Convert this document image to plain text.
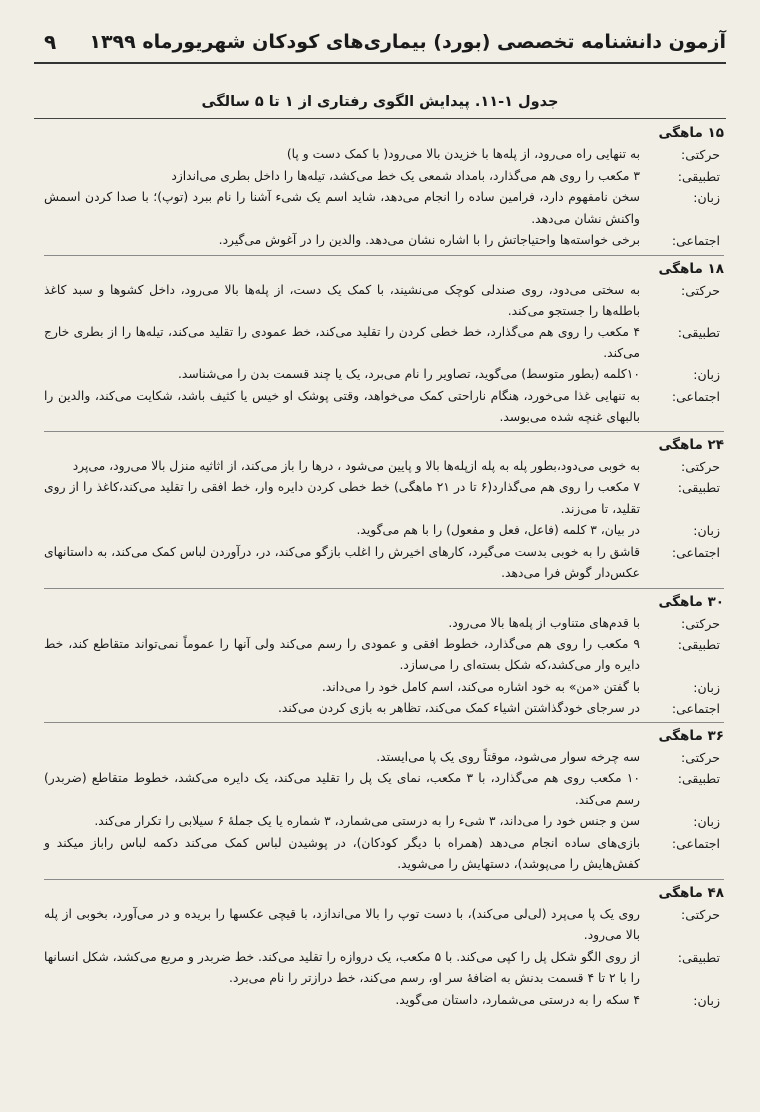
آزمون دانشنامه تخصصی (بورد) بیماری‌های کودکان شهریورماه ۱۳۹۹
۹
جدول ۱-۱۱. پیدایش الگوی رفتاری از ۱ تا ۵ سالگی
۱۵ ماهگی
حرکتی:
به تنهایی راه می‌رود، از پله‌ها با خزیدن بالا می‌رود( با کمک دست و پا)
تطبیقی:
۳ مکعب را روی هم می‌گذارد، بامداد شمعی یک خط می‌کشد، تیله‌ها را داخل بطری می‌اندازد
زبان:
سخن نامفهوم دارد، فرامین ساده را انجام می‌دهد، شاید اسم یک شیء آشنا را نام ببرد (توپ)؛ با صدا کردن اسمش واکنش نشان می‌دهد.
اجتماعی:
برخی خواسته‌ها واحتیاجاتش را با اشاره نشان می‌دهد. والدین را در آغوش می‌گیرد.
۱۸ ماهگی
حرکتی:
به سختی می‌دود، روی صندلی کوچک می‌نشیند، با کمک یک دست، از پله‌ها بالا می‌رود، داخل کشوها و سبد کاغذ باطله‌ها را جستجو می‌کند.
تطبیقی:
۴ مکعب را روی هم می‌گذارد، خط خطی کردن را تقلید می‌کند، خط عمودی را تقلید می‌کند، تیله‌ها را از بطری خارج می‌کند.
زبان:
۱۰کلمه (بطور متوسط) می‌گوید، تصاویر را نام می‌برد، یک یا چند قسمت بدن را می‌شناسد.
اجتماعی:
به تنهایی غذا می‌خورد، هنگام ناراحتی کمک می‌خواهد، وقتی پوشک او خیس یا کثیف باشد، شکایت می‌کند، والدین را بالبهای غنچه شده می‌بوسد.
۲۴ ماهگی
حرکتی:
به خوبی می‌دود،بطور پله به پله ازپله‌ها بالا و پایین می‌شود ، درها را باز می‌کند، از اثاثیه منزل بالا می‌رود، می‌پرد
تطبیقی:
۷ مکعب را روی هم می‌گذارد(۶ تا در ۲۱ ماهگی) خط خطی کردن دایره وار، خط افقی را تقلید می‌کند،کاغذ را از روی تقلید، تا می‌زند.
زبان:
در بیان، ۳ کلمه (فاعل، فعل و مفعول) را با هم می‌گوید.
اجتماعی:
قاشق را به خوبی بدست می‌گیرد، کارهای اخیرش را اغلب بازگو می‌کند، در، درآوردن لباس کمک می‌کند، به داستانهای عکس‌دار گوش فرا می‌دهد.
۳۰ ماهگی
حرکتی:
با قدم‌های متناوب از پله‌ها بالا می‌رود.
تطبیقی:
۹ مکعب را روی هم می‌گذارد، خطوط افقی و عمودی را رسم می‌کند ولی آنها را عموماً نمی‌تواند متقاطع کند، خط دایره وار می‌کشد،که شکل بسته‌ای را می‌سازد.
زبان:
با گفتن «من» به خود اشاره می‌کند، اسم کامل خود را می‌داند.
اجتماعی:
در سرجای خودگذاشتن اشیاء کمک می‌کند، تظاهر به بازی کردن می‌کند.
۳۶ ماهگی
حرکتی:
سه چرخه سوار می‌شود، موقتاً روی یک پا می‌ایستد.
تطبیقی:
۱۰ مکعب روی هم می‌گذارد، با ۳ مکعب، نمای یک پل را تقلید می‌کند، یک دایره می‌کشد، خطوط متقاطع (ضربدر) رسم می‌کند.
زبان:
سن و جنس خود را می‌داند، ۳ شیء را به درستی می‌شمارد، ۳ شماره یا یک جملهٔ ۶ سیلابی را تکرار می‌کند.
اجتماعی:
بازی‌های ساده انجام می‌دهد (همراه با دیگر کودکان)، در پوشیدن لباس کمک می‌کند دکمه لباس راباز میکند و کفش‌هایش را می‌پوشد)، دستهایش را می‌شوید.
۴۸ ماهگی
حرکتی:
روی یک پا می‌پرد (لی‌لی می‌کند)، با دست توپ را بالا می‌اندازد، با قیچی عکسها را بریده و در می‌آورد، بخوبی از پله بالا می‌رود.
تطبیقی:
از روی الگو شکل پل را کپی می‌کند. با ۵ مکعب، یک دروازه را تقلید می‌کند. خط ضربدر و مربع می‌کشد، شکل انسانها را با ۲ تا ۴ قسمت بدنش به اضافهٔ سر او، رسم می‌کند، خط درازتر را نام می‌برد.
زبان:
۴ سکه را به درستی می‌شمارد، داستان می‌گوید.
